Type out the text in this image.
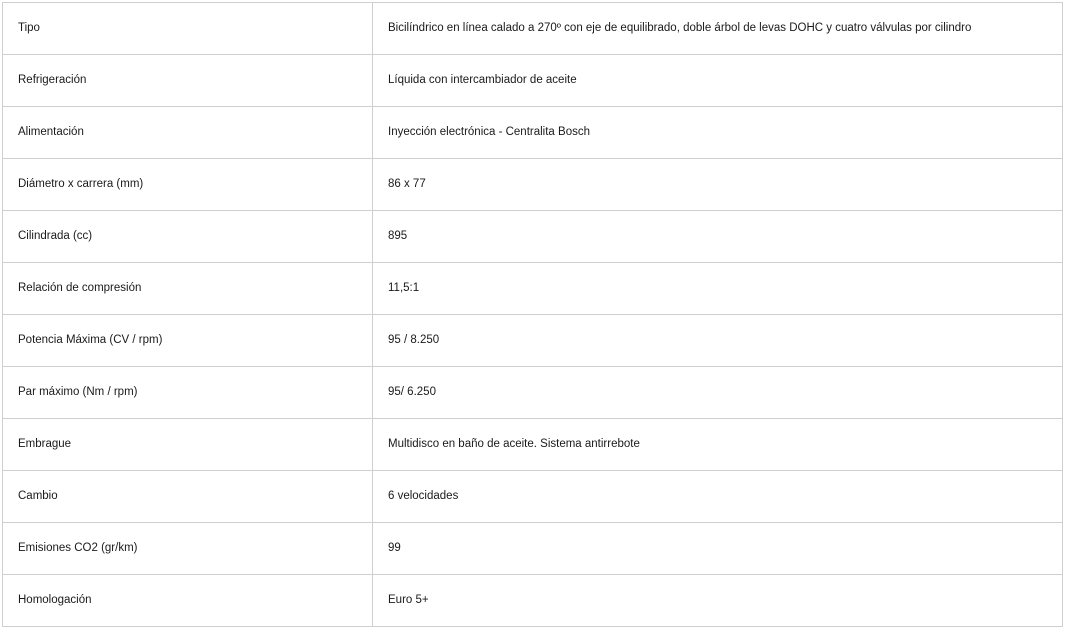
Tipo	Bicilíndrico en línea calado a 270º con eje de equilibrado, doble árbol de levas DOHC y cuatro válvulas por cilindro
Refrigeración	Líquida con intercambiador de aceite
Alimentación	Inyección electrónica - Centralita Bosch
Diámetro x carrera (mm)	86 x 77
Cilindrada (cc)	895
Relación de compresión	11,5:1
Potencia Máxima (CV / rpm)	95 / 8.250
Par máximo (Nm / rpm)	95/ 6.250
Embrague	Multidisco en baño de aceite. Sistema antirrebote
Cambio	6 velocidades
Emisiones CO2 (gr/km)	99
Homologación	Euro 5+
